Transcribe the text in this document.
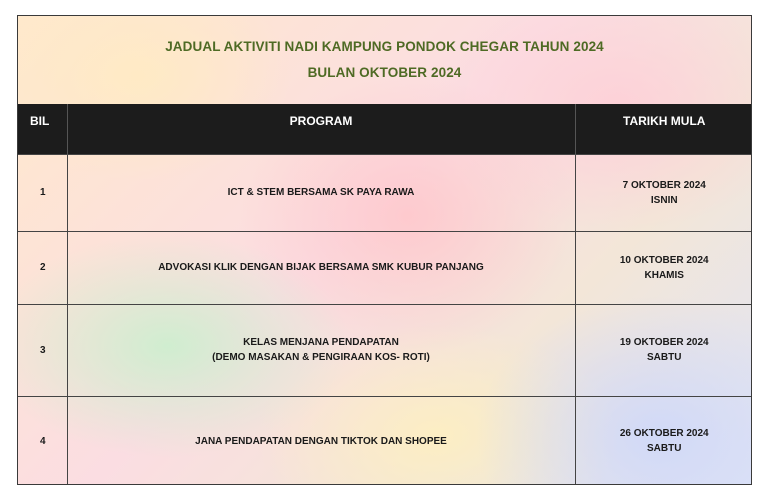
JADUAL AKTIVITI NADI KAMPUNG PONDOK CHEGAR TAHUN 2024
BULAN OKTOBER 2024
BIL	PROGRAM	TARIKH MULA
1	ICT & STEM BERSAMA SK PAYA RAWA	7 OKTOBER 2024
ISNIN

2	ADVOKASI KLIK DENGAN BIJAK BERSAMA SMK KUBUR PANJANG	10 OKTOBER 2024
KHAMIS

3	KELAS MENJANA PENDAPATAN
(DEMO MASAKAN & PENGIRAAN KOS- ROTI)	19 OKTOBER 2024
SABTU

4	JANA PENDAPATAN DENGAN TIKTOK DAN SHOPEE	26 OKTOBER 2024
SABTU
